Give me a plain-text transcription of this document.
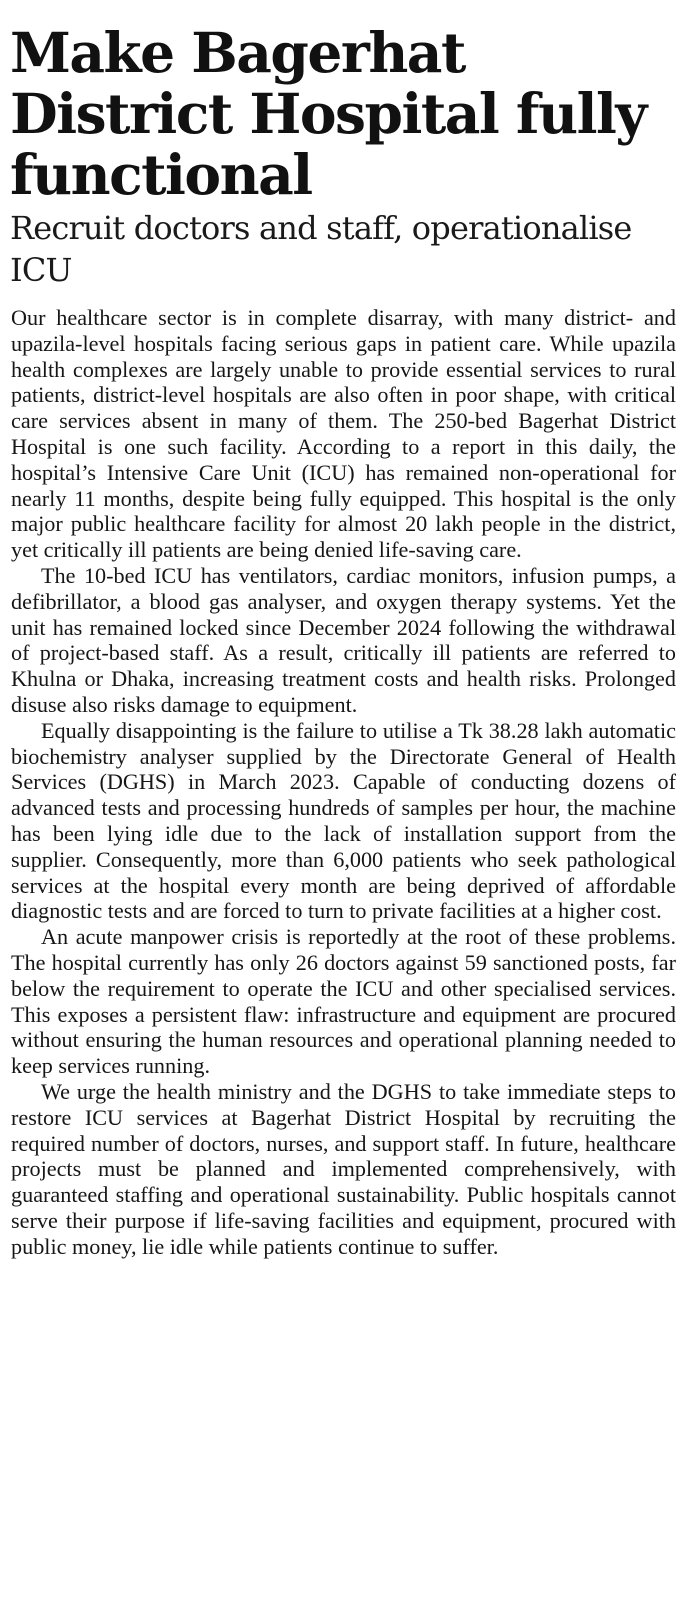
Make Bagerhat District Hospital fully functional
Recruit doctors and staff, operationalise ICU

Our healthcare sector is in complete disarray, with many district- and upazila-level hospitals facing serious gaps in patient care. While upazila health complexes are largely unable to provide essential services to rural patients, district-level hospitals are also often in poor shape, with critical care services absent in many of them. The 250-bed Bagerhat District Hospital is one such facility. According to a report in this daily, the hospital’s Intensive Care Unit (ICU) has remained non-operational for nearly 11 months, despite being fully equipped. This hospital is the only major public healthcare facility for almost 20 lakh people in the district, yet critically ill patients are being denied life-saving care.

The 10-bed ICU has ventilators, cardiac monitors, infusion pumps, a defibrillator, a blood gas analyser, and oxygen therapy systems. Yet the unit has remained locked since December 2024 following the withdrawal of project-based staff. As a result, critically ill patients are referred to Khulna or Dhaka, increasing treatment costs and health risks. Prolonged disuse also risks damage to equipment.

Equally disappointing is the failure to utilise a Tk 38.28 lakh automatic biochemistry analyser supplied by the Directorate General of Health Services (DGHS) in March 2023. Capable of conducting dozens of advanced tests and processing hundreds of samples per hour, the machine has been lying idle due to the lack of installation support from the supplier. Consequently, more than 6,000 patients who seek pathological services at the hospital every month are being deprived of affordable diagnostic tests and are forced to turn to private facilities at a higher cost.

An acute manpower crisis is reportedly at the root of these problems. The hospital currently has only 26 doctors against 59 sanctioned posts, far below the requirement to operate the ICU and other specialised services. This exposes a persistent flaw: infrastructure and equipment are procured without ensuring the human resources and operational planning needed to keep services running.

We urge the health ministry and the DGHS to take immediate steps to restore ICU services at Bagerhat District Hospital by recruiting the required number of doctors, nurses, and support staff. In future, healthcare projects must be planned and implemented comprehensively, with guaranteed staffing and operational sustainability. Public hospitals cannot serve their purpose if life-saving facilities and equipment, procured with public money, lie idle while patients continue to suffer.
